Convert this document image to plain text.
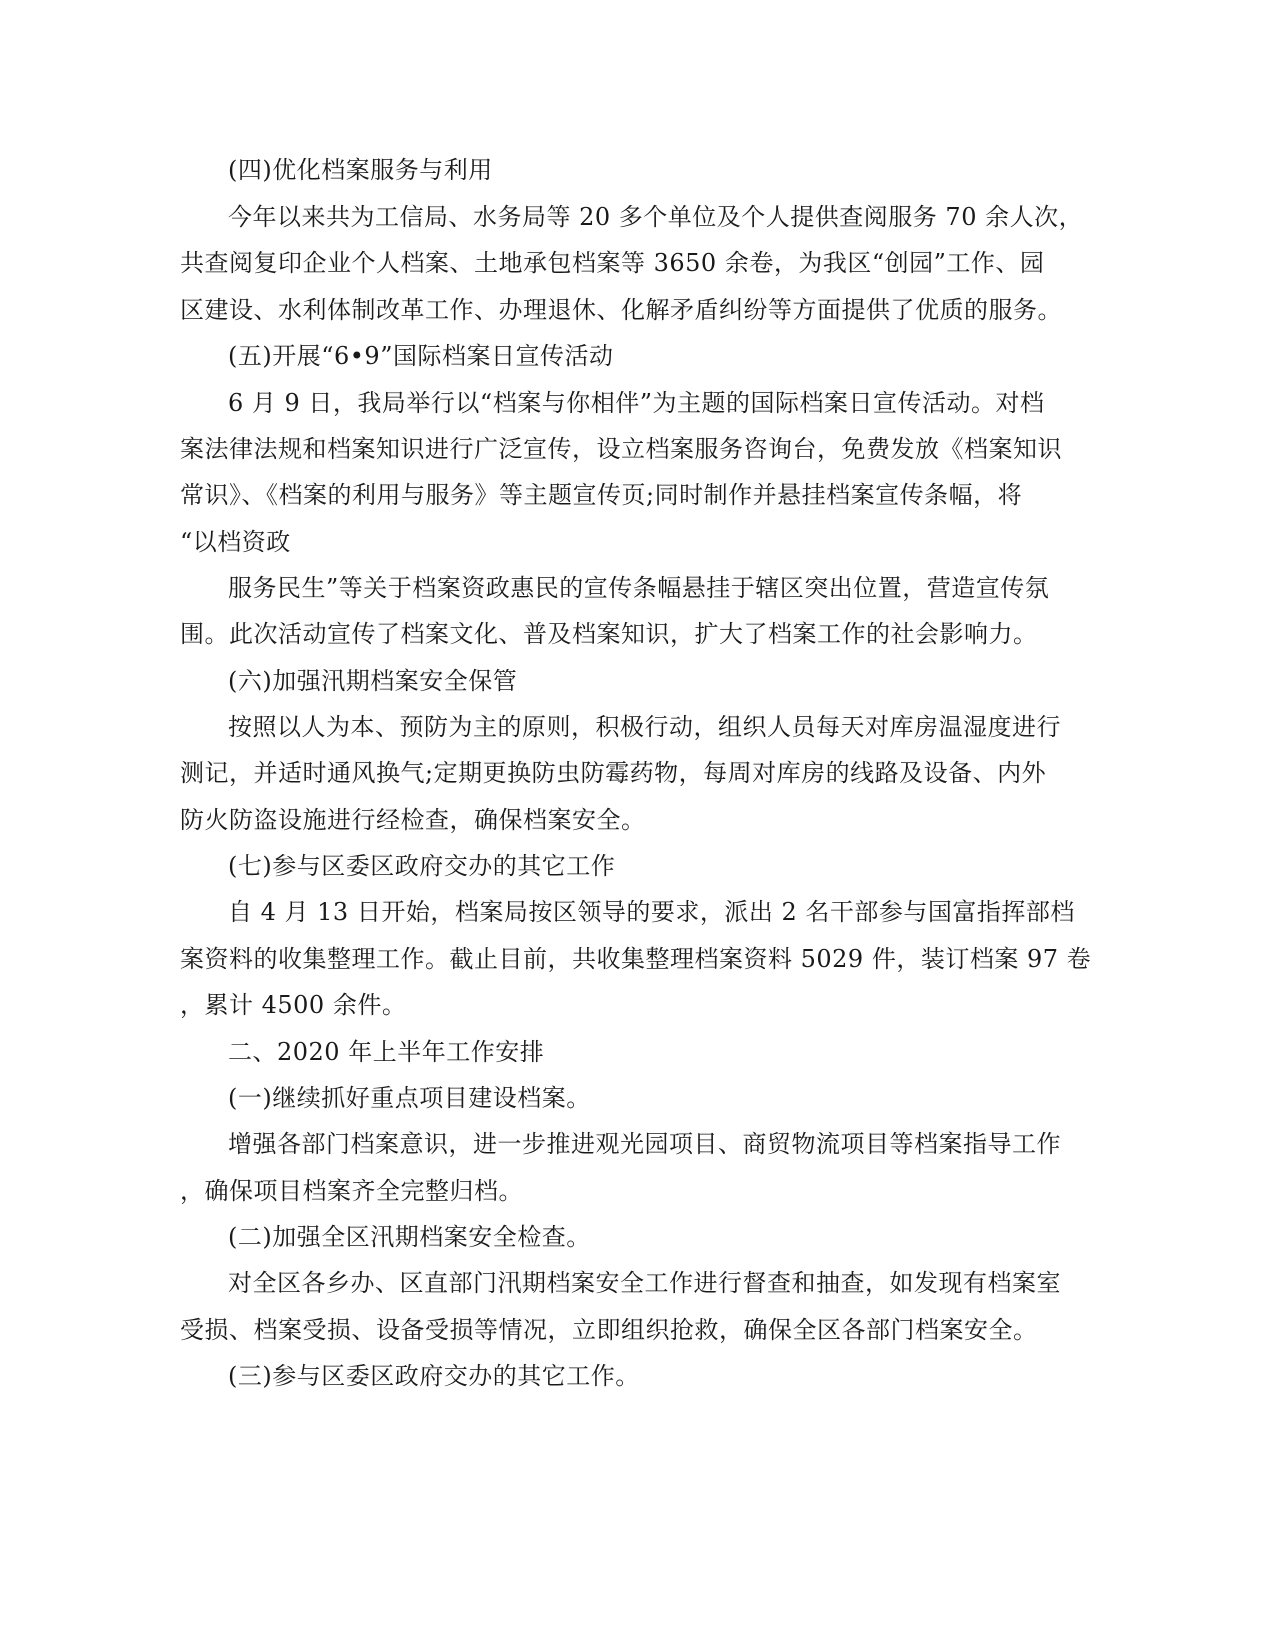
(四)优化档案服务与利用
今年以来共为工信局、水务局等 20 多个单位及个人提供查阅服务 70 余人次，
共查阅复印企业个人档案、土地承包档案等 3650 余卷，为我区“创园”工作、园
区建设、水利体制改革工作、办理退休、化解矛盾纠纷等方面提供了优质的服务。
(五)开展“6•9”国际档案日宣传活动
6 月 9 日，我局举行以“档案与你相伴”为主题的国际档案日宣传活动。对档
案法律法规和档案知识进行广泛宣传，设立档案服务咨询台，免费发放《档案知识
常识》、《档案的利用与服务》等主题宣传页;同时制作并悬挂档案宣传条幅，将
“以档资政
服务民生”等关于档案资政惠民的宣传条幅悬挂于辖区突出位置，营造宣传氛
围。此次活动宣传了档案文化、普及档案知识，扩大了档案工作的社会影响力。
(六)加强汛期档案安全保管
按照以人为本、预防为主的原则，积极行动，组织人员每天对库房温湿度进行
测记，并适时通风换气;定期更换防虫防霉药物，每周对库房的线路及设备、内外
防火防盗设施进行经检查，确保档案安全。
(七)参与区委区政府交办的其它工作
自 4 月 13 日开始，档案局按区领导的要求，派出 2 名干部参与国富指挥部档
案资料的收集整理工作。截止目前，共收集整理档案资料 5029 件，装订档案 97 卷
，累计 4500 余件。
二、2020 年上半年工作安排
(一)继续抓好重点项目建设档案。
增强各部门档案意识，进一步推进观光园项目、商贸物流项目等档案指导工作
，确保项目档案齐全完整归档。
(二)加强全区汛期档案安全检查。
对全区各乡办、区直部门汛期档案安全工作进行督查和抽查，如发现有档案室
受损、档案受损、设备受损等情况，立即组织抢救，确保全区各部门档案安全。
(三)参与区委区政府交办的其它工作。
